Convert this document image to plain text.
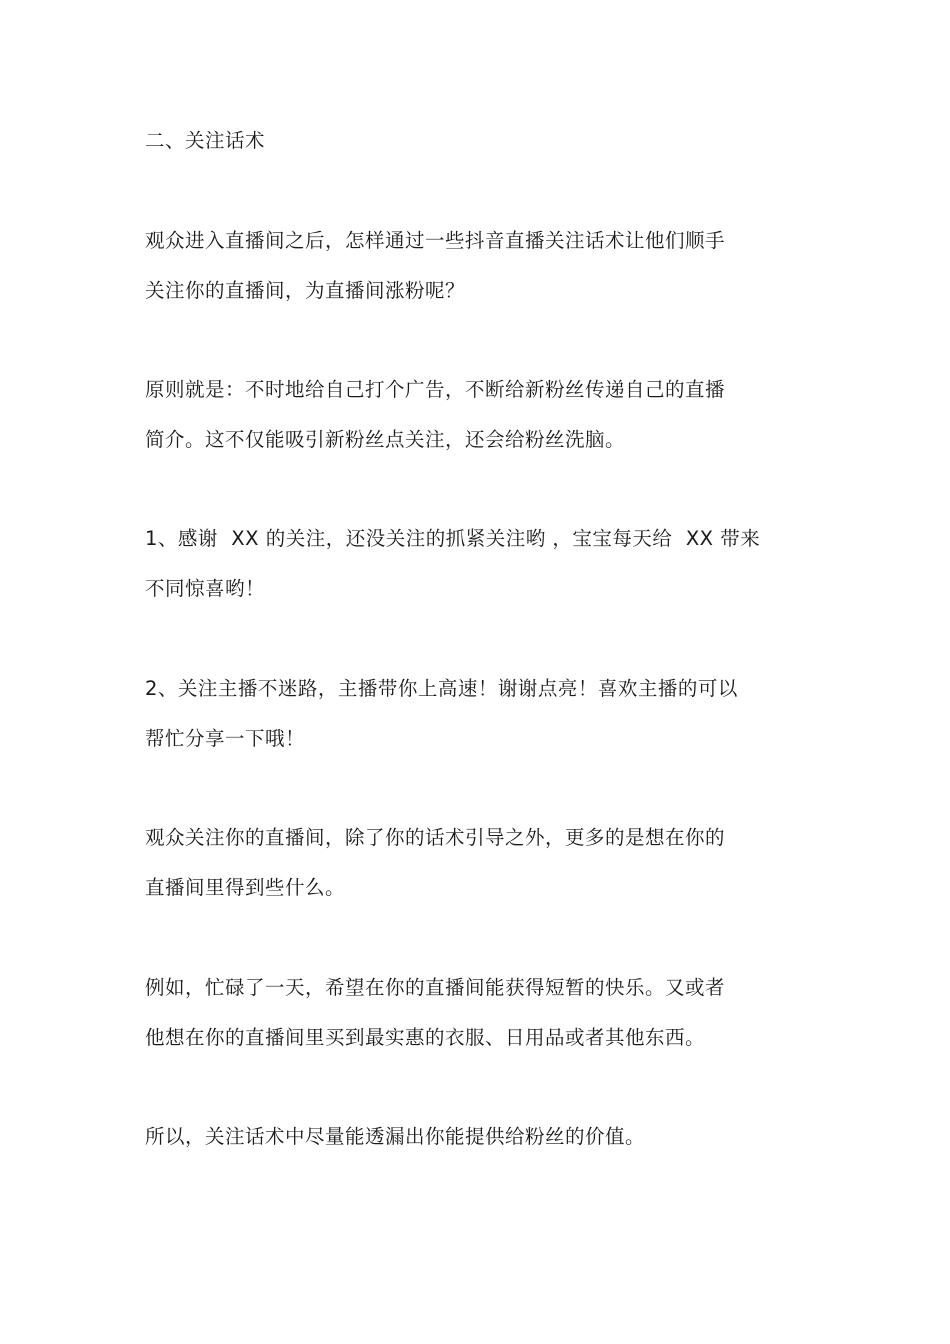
二、关注话术
观众进入直播间之后，怎样通过一些抖音直播关注话术让他们顺手
关注你的直播间，为直播间涨粉呢？
原则就是：不时地给自己打个广告，不断给新粉丝传递自己的直播
简介。这不仅能吸引新粉丝点关注，还会给粉丝洗脑。
1、感谢  XX 的关注，还没关注的抓紧关注哟 ，宝宝每天给  XX 带来
不同惊喜哟！
2、关注主播不迷路，主播带你上高速！谢谢点亮！喜欢主播的可以
帮忙分享一下哦！
观众关注你的直播间，除了你的话术引导之外，更多的是想在你的
直播间里得到些什么。
例如，忙碌了一天，希望在你的直播间能获得短暂的快乐。又或者
他想在你的直播间里买到最实惠的衣服、日用品或者其他东西。
所以，关注话术中尽量能透漏出你能提供给粉丝的价值。
